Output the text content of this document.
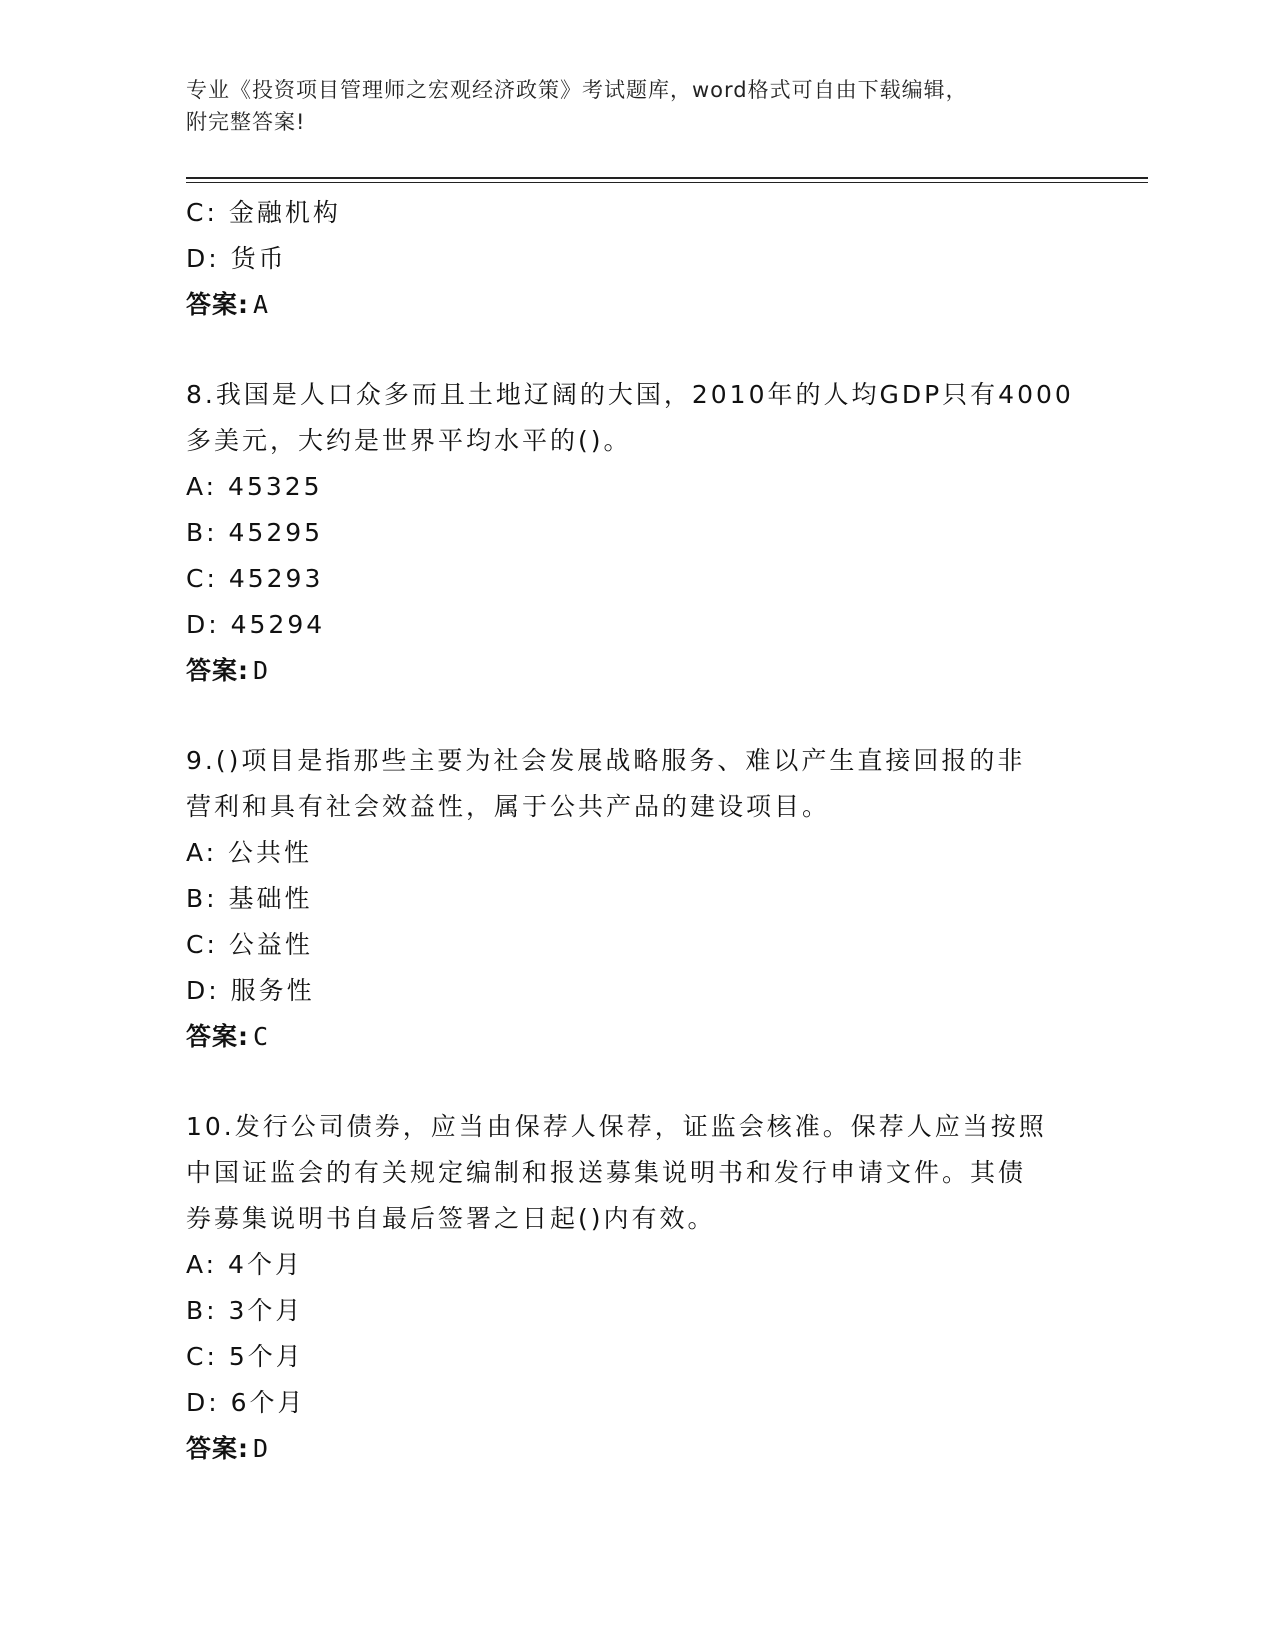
专业《投资项目管理师之宏观经济政策》考试题库，word格式可自由下载编辑，
附完整答案!
C: 金融机构
D: 货币
答案: A
8.我国是人口众多而且土地辽阔的大国，2010年的人均GDP只有4000
多美元，大约是世界平均水平的()。
A: 45325
B: 45295
C: 45293
D: 45294
答案: D
9.()项目是指那些主要为社会发展战略服务、难以产生直接回报的非
营利和具有社会效益性，属于公共产品的建设项目。
A: 公共性
B: 基础性
C: 公益性
D: 服务性
答案: C
10.发行公司债券，应当由保荐人保荐，证监会核准。保荐人应当按照
中国证监会的有关规定编制和报送募集说明书和发行申请文件。其债
券募集说明书自最后签署之日起()内有效。
A: 4个月
B: 3个月
C: 5个月
D: 6个月
答案: D
